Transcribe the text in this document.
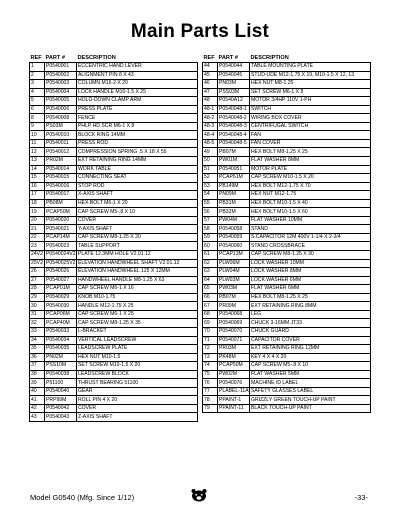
Main Parts List
REF	PART #	DESCRIPTION
1	P0540001	ECCENTRIC HAND LEVER
2	P0540002	ALIGNMENT PIN 8 X 43
3	P0540003	COLUMN M16-2 X 20
4	P0540004	LOCK HANDLE M10-1.5 X 25
5	P0540005	HOLD-DOWN CLAMP ARM
6	P0540006	PRESS PLATE
8	P0540008	FENCE
9	PS03M	PHLP HD SCR M6-1 X 8
10	P0540010	BLOCK RING 14MM
11	P0540011	PRESS ROD
12	P0540012	COMPRESSION SPRING .5 X 18 X 55
13	PR02M	EXT RETAINING RING 14MM
14	P0540014	WORK TABLE
15	P0540015	CONNECTING SEAT
16	P0540016	STOP ROD
17	P0540017	X-AXIS SHAFT
18	PB08M	HEX BOLT M6-1 X 20
19	PCAP50M	CAP SCREW M5-.8 X 10
20	P0540020	COVER
21	P0540021	Y-AXIS SHAFT
22	PCAP14M	CAP SCREW M8-1.25 X 20
23	P0540023	TABLE SUPPORT
24V2	P0540024V2	PLATE 12.3MM HOLE V2.01.12
25V2	P0540025V2	ELEVATION HANDWHEEL SHAFT V2.01.12
26	P0540026	ELEVATION HANDWHEEL 125 X 12MM
27	P0540027	HANDWHEEL HANDLE M8-1.25 X 63
28	PCAP01M	CAP SCREW M6-1 X 16
29	P0540029	KNOB M10-1.75
30	P0540030	HANDLE M12-1.75 X 25
31	PCAP06M	CAP SCREW M6-1 X 25
32	PCAP40M	CAP SCREW M8-1.25 X 35
33	P0540033	L-BRACKET
34	P0540034	VERTICAL LEADSCREW
35	P0540035	LEADSCREW PLATE
36	PN02M	HEX NUT M10-1.5
37	PSS10M	SET SCREW M10-1.5 X 20
38	P0540038	LEADSCREW BLOCK
39	P51100	THRUST BEARING 51100
40	P0540040	GEAR
41	PRP99M	ROLL PIN 4 X 20
42	P0540042	COVER
43	P0540043	Z-AXIS SHAFT
REF	PART #	DESCRIPTION
44	P0540044	TABLE MOUNTING PLATE
45	P0540045	STUD-UDE M12-1.75 X 19, M10-1.5 X 12, 13
46	PN03M	HEX NUT M8-1.25
47	PSS03M	SET SCREW M6-1 X 8
48	P0540A12	MOTOR 3/4HP 110V 1-PH
48-1	P0540048-1	SWITCH
48-2	P0540048-2	WIRING BOX COVER
48-3	P0540048-3	CENTRIFUGAL SWITCH
48-4	P0540048-4	FAN
48-5	P0540048-5	FAN COVER
49	PB07M	HEX BOLT M8-1.25 X 25
50	PW01M	FLAT WASHER 8MM
51	P0540051	MOTOR PLATE
52	PCAP61M	CAP SCREW M10-1.5 X 20
53	PB149M	HEX BOLT M12-1.75 X 70
54	PN09M	HEX NUT M12-1.75
55	PB31M	HEX BOLT M10-1.5 X 40
56	PB32M	HEX BOLT M10-1.5 X 60
57	PW04M	FLAT WASHER 10MM
58	P0540058	STAND
59	P0540059	S CAPACITOR 12M 400V 1-1/4 X 2-3/4
60	P0540060	STAND CROSSBRACE
61	PCAP13M	CAP SCREW M8-1.25 X 30
62	PLW06M	LOCK WASHER 10MM
63	PLW04M	LOCK WASHER 8MM
64	PLW03M	LOCK WASHER 6MM
65	PW03M	FLAT WASHER 6MM
66	PB07M	HEX BOLT M8-1.25 X 25
67	PR09M	EXT RETAINING RING 8MM
68	P0540068	LEG
69	P0540069	CHUCK 3-16MM JT33
70	P0540070	CHUCK GUARD
71	P0540071	CAPACITOR COVER
72	PR03M	EXT RETAINING RING 12MM
73	PK48M	KEY 4 X 4 X 20
74	PCAP50M	CAP SCREW M5-.8 X 10
75	PW02M	FLAT WASHER 5MM
76	P0540076	MACHINE ID LABEL
77	PLABEL-11A	SAFETY GLASSES LABEL
78	PPAINT-1	GRIZZLY GREEN TOUCH-UP PAINT
79	PPAINT-11	BLACK TOUCH-UP PAINT
Model G0540 (Mfg. Since 1/12)	-33-
